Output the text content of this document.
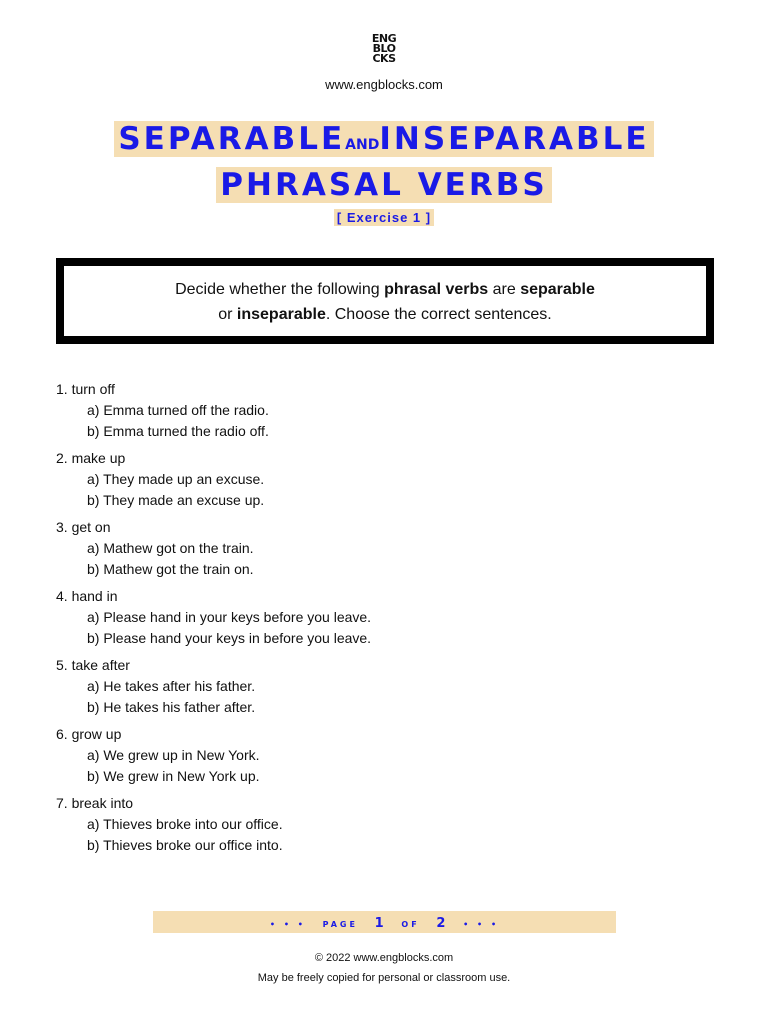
ENG
BLO
CKS
www.engblocks.com
SEPARABLEANDINSEPARABLE
PHRASAL VERBS
[ Exercise 1 ]
Decide whether the following phrasal verbs are separable
or inseparable. Choose the correct sentences.
1. turn off
a) Emma turned off the radio.
b) Emma turned the radio off.
2. make up
a) They made up an excuse.
b) They made an excuse up.
3. get on
a) Mathew got on the train.
b) Mathew got the train on.
4. hand in
a) Please hand in your keys before you leave.
b) Please hand your keys in before you leave.
5. take after
a) He takes after his father.
b) He takes his father after.
6. grow up
a) We grew up in New York.
b) We grew in New York up.
7. break into
a) Thieves broke into our office.
b) Thieves broke our office into.
• • • PAGE 1 OF 2 • • •
© 2022 www.engblocks.com
May be freely copied for personal or classroom use.
